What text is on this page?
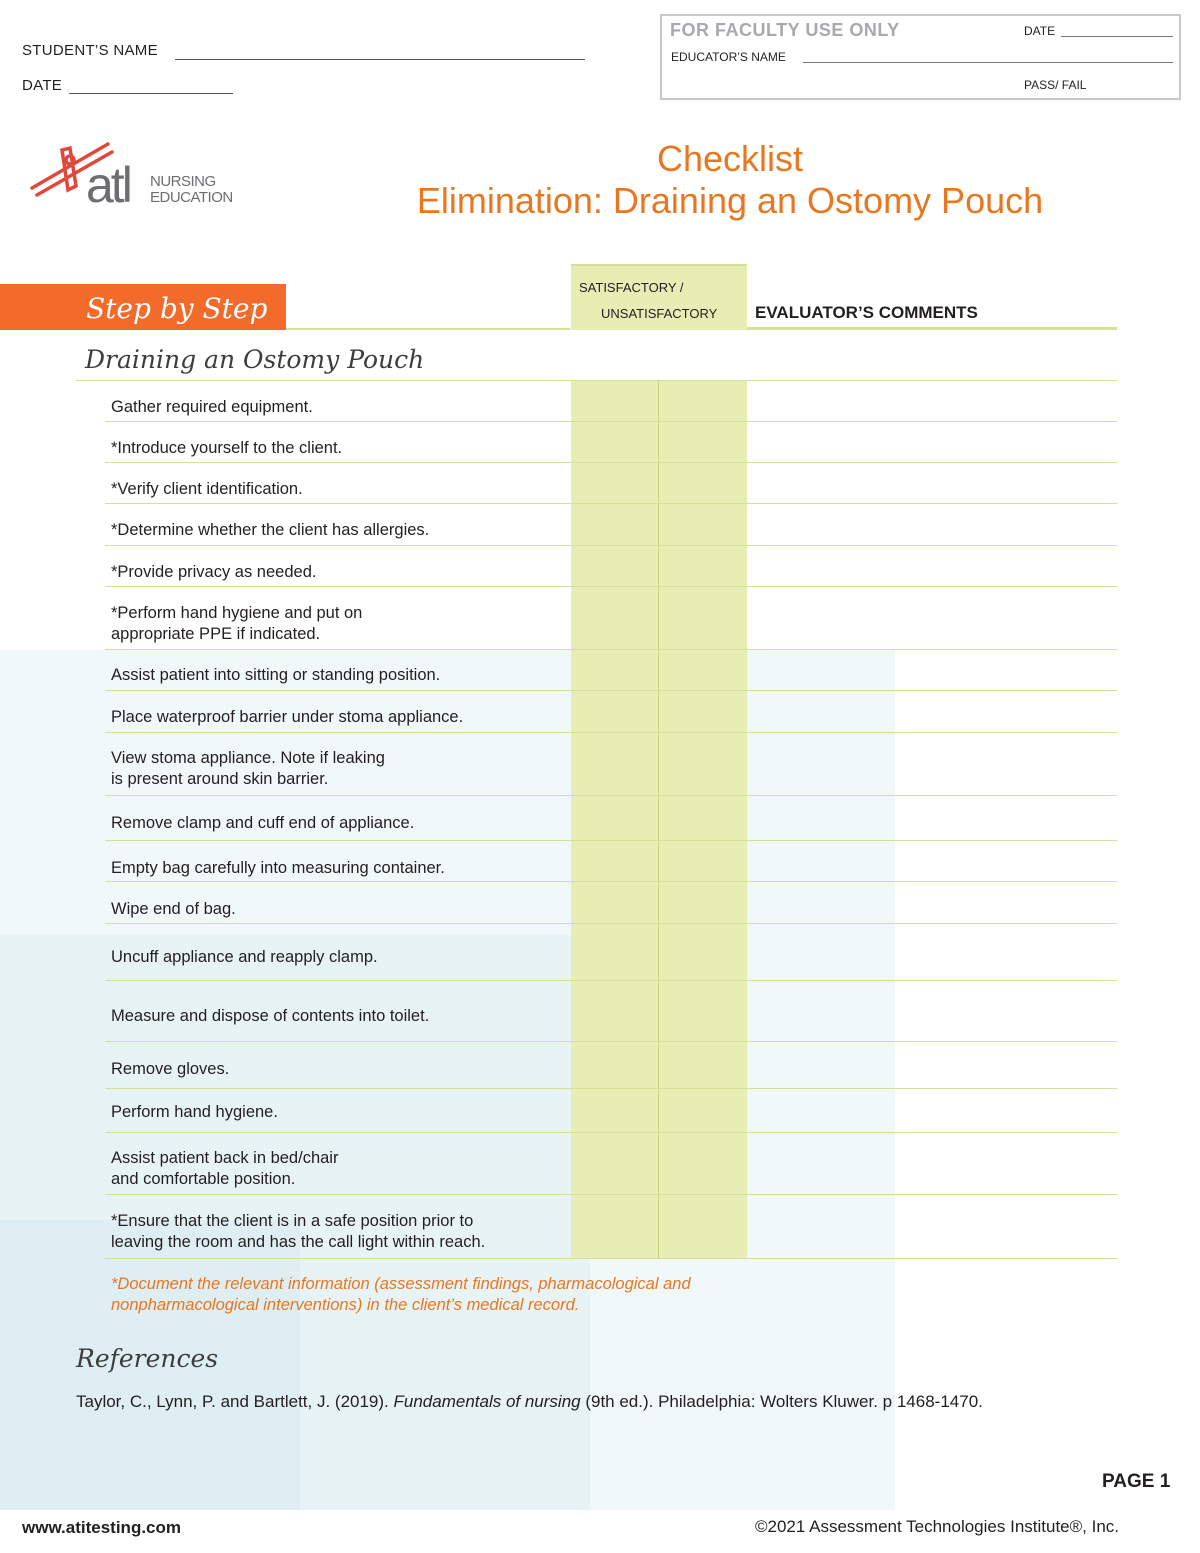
STUDENT’S NAME
DATE
FOR FACULTY USE ONLY	DATE
EDUCATOR’S NAME
PASS/ FAIL
atl NURSING
EDUCATION
Checklist
Elimination: Draining an Ostomy Pouch
Step by Step
SATISFACTORY /
UNSATISFACTORY EVALUATOR’S COMMENTS
Draining an Ostomy Pouch
Gather required equipment.
*Introduce yourself to the client.
*Verify client identification.
*Determine whether the client has allergies.
*Provide privacy as needed.
*Perform hand hygiene and put on
appropriate PPE if indicated.
Assist patient into sitting or standing position.
Place waterproof barrier under stoma appliance.
View stoma appliance. Note if leaking
is present around skin barrier.
Remove clamp and cuff end of appliance.
Empty bag carefully into measuring container.
Wipe end of bag.
Uncuff appliance and reapply clamp.
Measure and dispose of contents into toilet.
Remove gloves.
Perform hand hygiene.
Assist patient back in bed/chair
and comfortable position.
*Ensure that the client is in a safe position prior to
leaving the room and has the call light within reach.
*Document the relevant information (assessment findings, pharmacological and
nonpharmacological interventions) in the client’s medical record.
References
Taylor, C., Lynn, P. and Bartlett, J. (2019). Fundamentals of nursing (9th ed.). Philadelphia: Wolters Kluwer. p 1468-1470.
PAGE 1
www.atitesting.com	©2021 Assessment Technologies Institute®, Inc.
